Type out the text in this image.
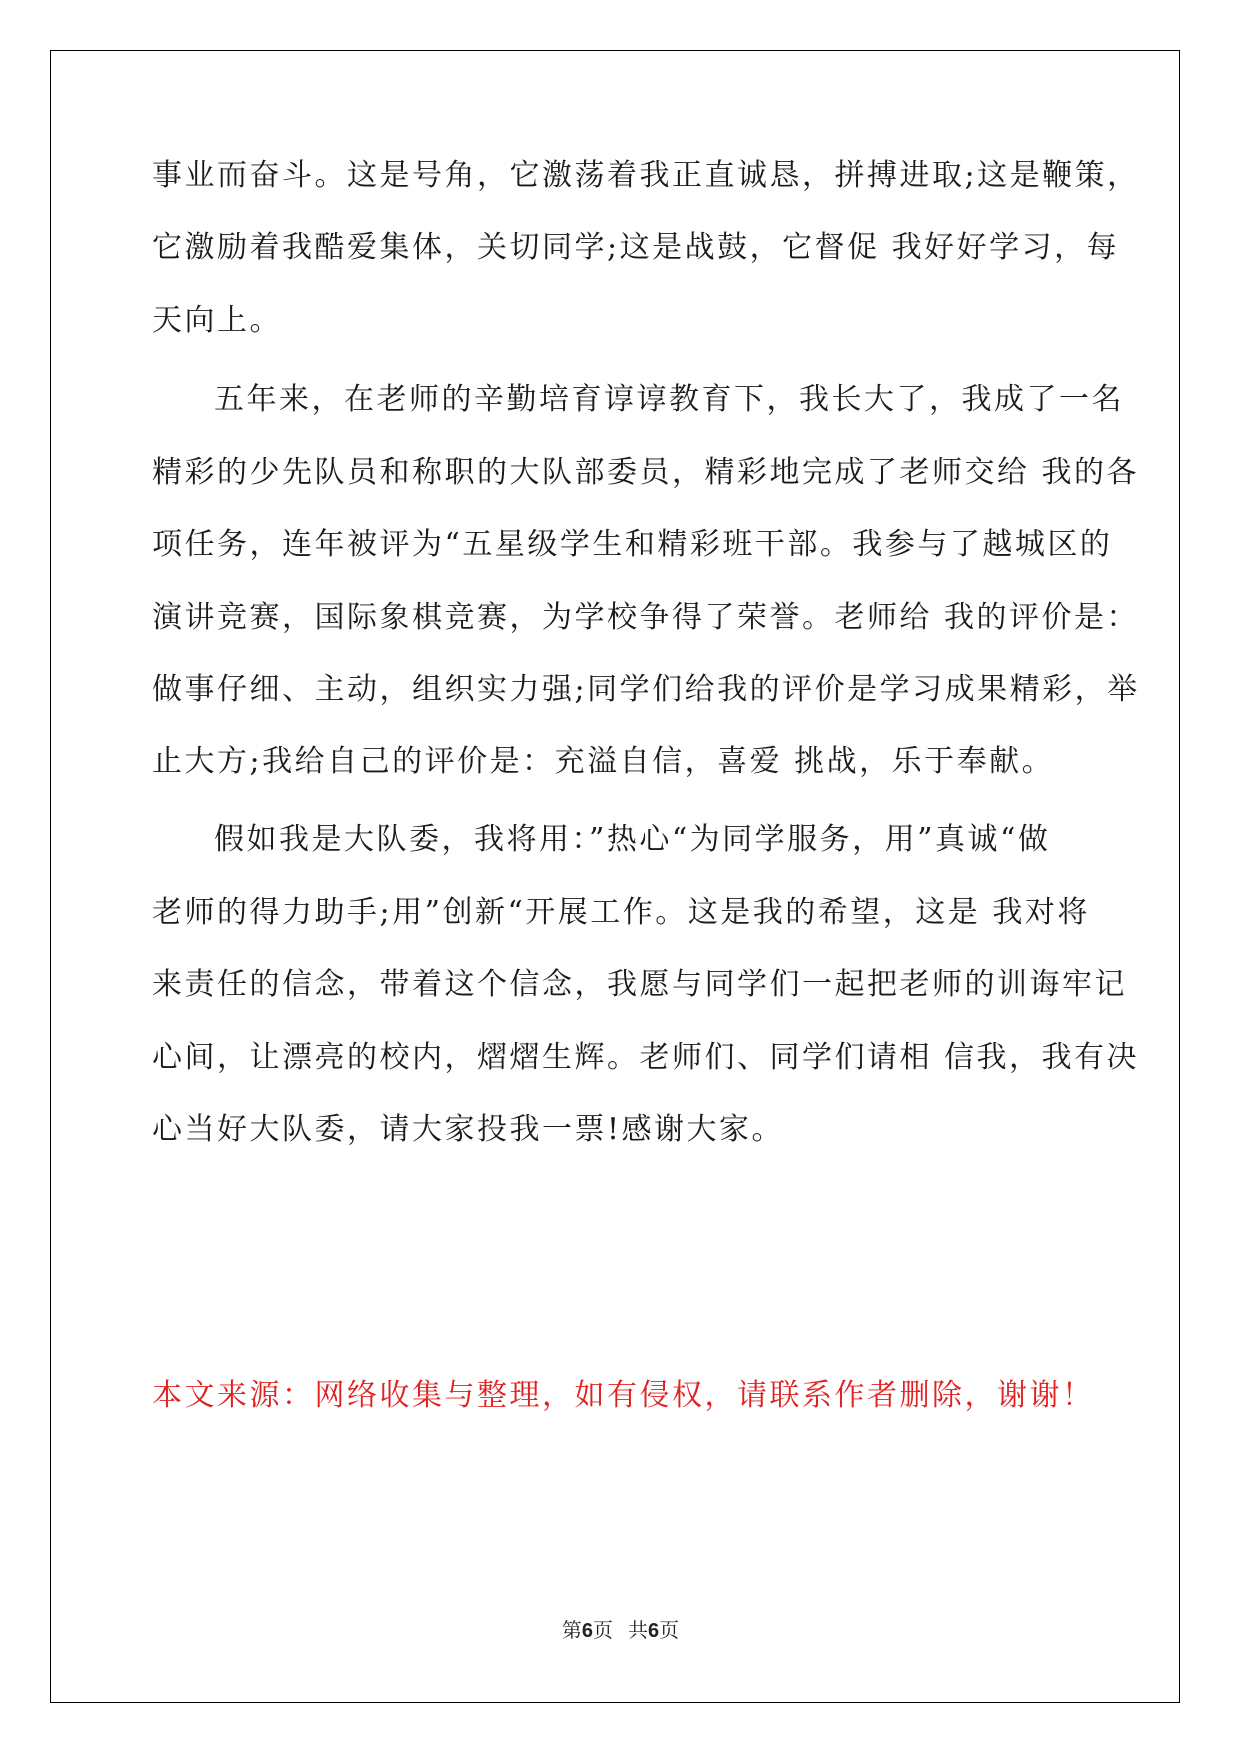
事业而奋斗。这是号角，它激荡着我正直诚恳，拼搏进取;这是鞭策，
它激励着我酷爱集体，关切同学;这是战鼓，它督促 我好好学习，每
天向上。
五年来，在老师的辛勤培育谆谆教育下，我长大了，我成了一名
精彩的少先队员和称职的大队部委员，精彩地完成了老师交给 我的各
项任务，连年被评为“五星级学生和精彩班干部。我参与了越城区的
演讲竞赛，国际象棋竞赛，为学校争得了荣誉。老师给 我的评价是：
做事仔细、主动，组织实力强;同学们给我的评价是学习成果精彩，举
止大方;我给自己的评价是：充溢自信，喜爱 挑战，乐于奉献。
假如我是大队委，我将用：”热心“为同学服务，用”真诚“做
老师的得力助手;用”创新“开展工作。这是我的希望，这是 我对将
来责任的信念，带着这个信念，我愿与同学们一起把老师的训诲牢记
心间，让漂亮的校内，熠熠生辉。老师们、同学们请相 信我，我有决
心当好大队委，请大家投我一票!感谢大家。
本文来源：网络收集与整理，如有侵权，请联系作者删除，谢谢！
第6页 共6页
